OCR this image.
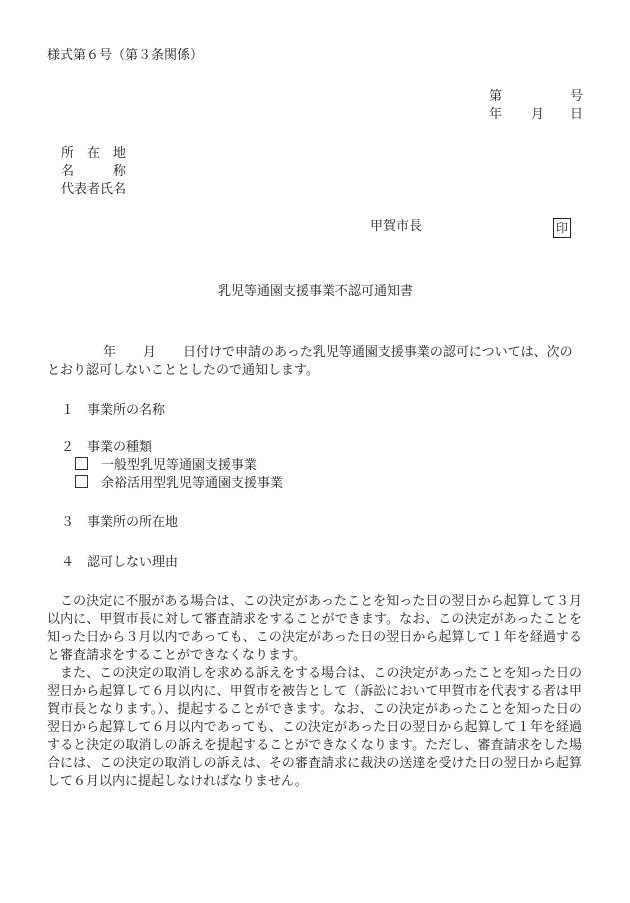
様式第６号（第３条関係）
第	号
年 月 日
所　在　地
名　　　称
代表者氏名
甲賀市長	印
乳児等通園支援事業不認可通知書
年 月 日付けで申請のあった乳児等通園支援事業の認可については、次の
とおり認可しないこととしたので通知します。
１　事業所の名称
２　事業の種類
一般型乳児等通園支援事業
余裕活用型乳児等通園支援事業
３　事業所の所在地
４　認可しない理由
この決定に不服がある場合は、この決定があったことを知った日の翌日から起算して３月以内に、甲賀市長に対して審査請求をすることができます。なお、この決定があったことを知った日から３月以内であっても、この決定があった日の翌日から起算して１年を経過すると審査請求をすることができなくなります。
また、この決定の取消しを求める訴えをする場合は、この決定があったことを知った日の翌日から起算して６月以内に、甲賀市を被告として（訴訟において甲賀市を代表する者は甲賀市長となります。）、提起することができます。なお、この決定があったことを知った日の翌日から起算して６月以内であっても、この決定があった日の翌日から起算して１年を経過すると決定の取消しの訴えを提起することができなくなります。ただし、審査請求をした場合には、この決定の取消しの訴えは、その審査請求に裁決の送達を受けた日の翌日から起算して６月以内に提起しなければなりません。
